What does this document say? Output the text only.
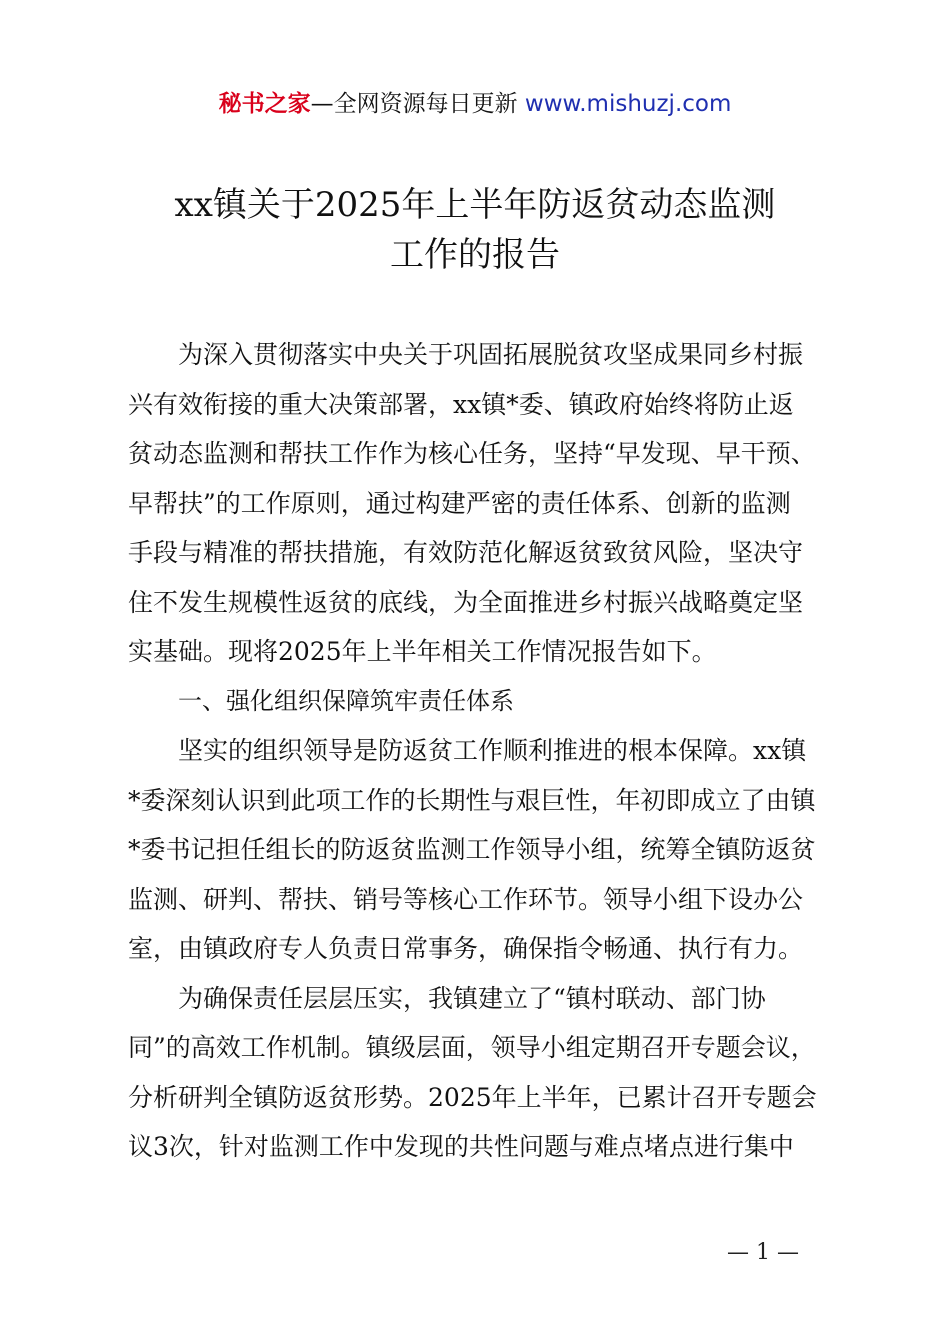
秘书之家—全网资源每日更新 www.mishuzj.com
xx镇关于2025年上半年防返贫动态监测
工作的报告
　　为深入贯彻落实中央关于巩固拓展脱贫攻坚成果同乡村振
兴有效衔接的重大决策部署，xx镇*委、镇政府始终将防止返
贫动态监测和帮扶工作作为核心任务，坚持“早发现、早干预、
早帮扶”的工作原则，通过构建严密的责任体系、创新的监测
手段与精准的帮扶措施，有效防范化解返贫致贫风险，坚决守
住不发生规模性返贫的底线，为全面推进乡村振兴战略奠定坚
实基础。现将2025年上半年相关工作情况报告如下。
一、强化组织保障筑牢责任体系
　　坚实的组织领导是防返贫工作顺利推进的根本保障。xx镇
*委深刻认识到此项工作的长期性与艰巨性，年初即成立了由镇
*委书记担任组长的防返贫监测工作领导小组，统筹全镇防返贫
监测、研判、帮扶、销号等核心工作环节。领导小组下设办公
室，由镇政府专人负责日常事务，确保指令畅通、执行有力。
　　为确保责任层层压实，我镇建立了“镇村联动、部门协
同”的高效工作机制。镇级层面，领导小组定期召开专题会议，
分析研判全镇防返贫形势。2025年上半年，已累计召开专题会
议3次，针对监测工作中发现的共性问题与难点堵点进行集中
— 1 —
